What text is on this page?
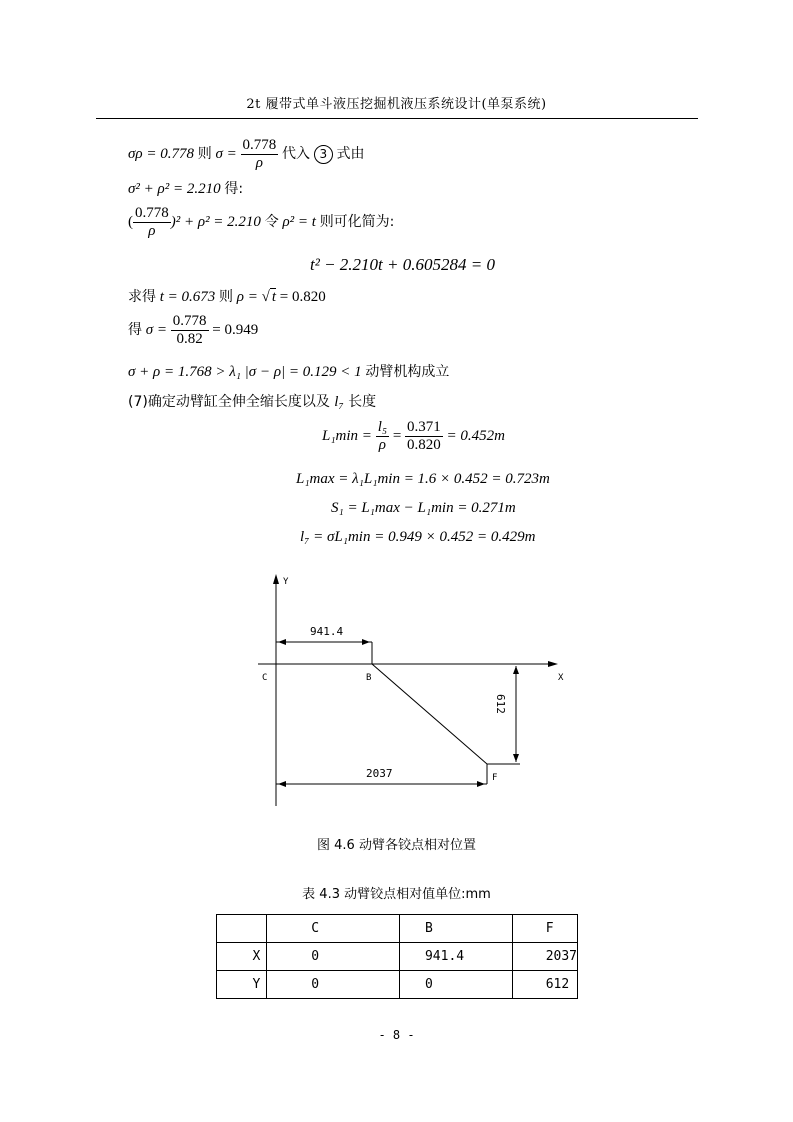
2t 履带式单斗液压挖掘机液压系统设计(单泵系统)
σρ = 0.778 则 $\sigma = \frac{0.778}{\rho}$ 代入 3 式由
σ² + ρ² = 2.210 得:
( $\frac{0.778}{\rho} )^2 + \rho^2 = 2.210$ 令 ρ² = t 则可化简为:
t² − 2.210t + 0.605284 = 0
求得 t = 0.673 则 ρ = √ t = 0.820
得 $\sigma = \frac{0.778}{0.82} = 0.949$
σ + ρ = 1.768 > λ₁ |σ − ρ| = 0.129 < 1 动臂机构成立
(7)确定动臂缸全伸全缩长度以及 l₇ 长度
$L_1\min = \frac{\text{l₅}}{\rho} = \frac{0.371}{0.820} = 0.452m$
L₁max = λ₁L₁min = 1.6 × 0.452 = 0.723m
S₁ = L₁max − L₁min = 0.271m
l₇ = σL₁min = 0.949 × 0.452 = 0.429m
Y
X
C	B
F
941.4
2037
612
图 4.6 动臂各铰点相对位置
表 4.3 动臂铰点相对值单位:mm
	C	B	F
X	0	941.4	2037
Y	0	0	612
- 8 -
